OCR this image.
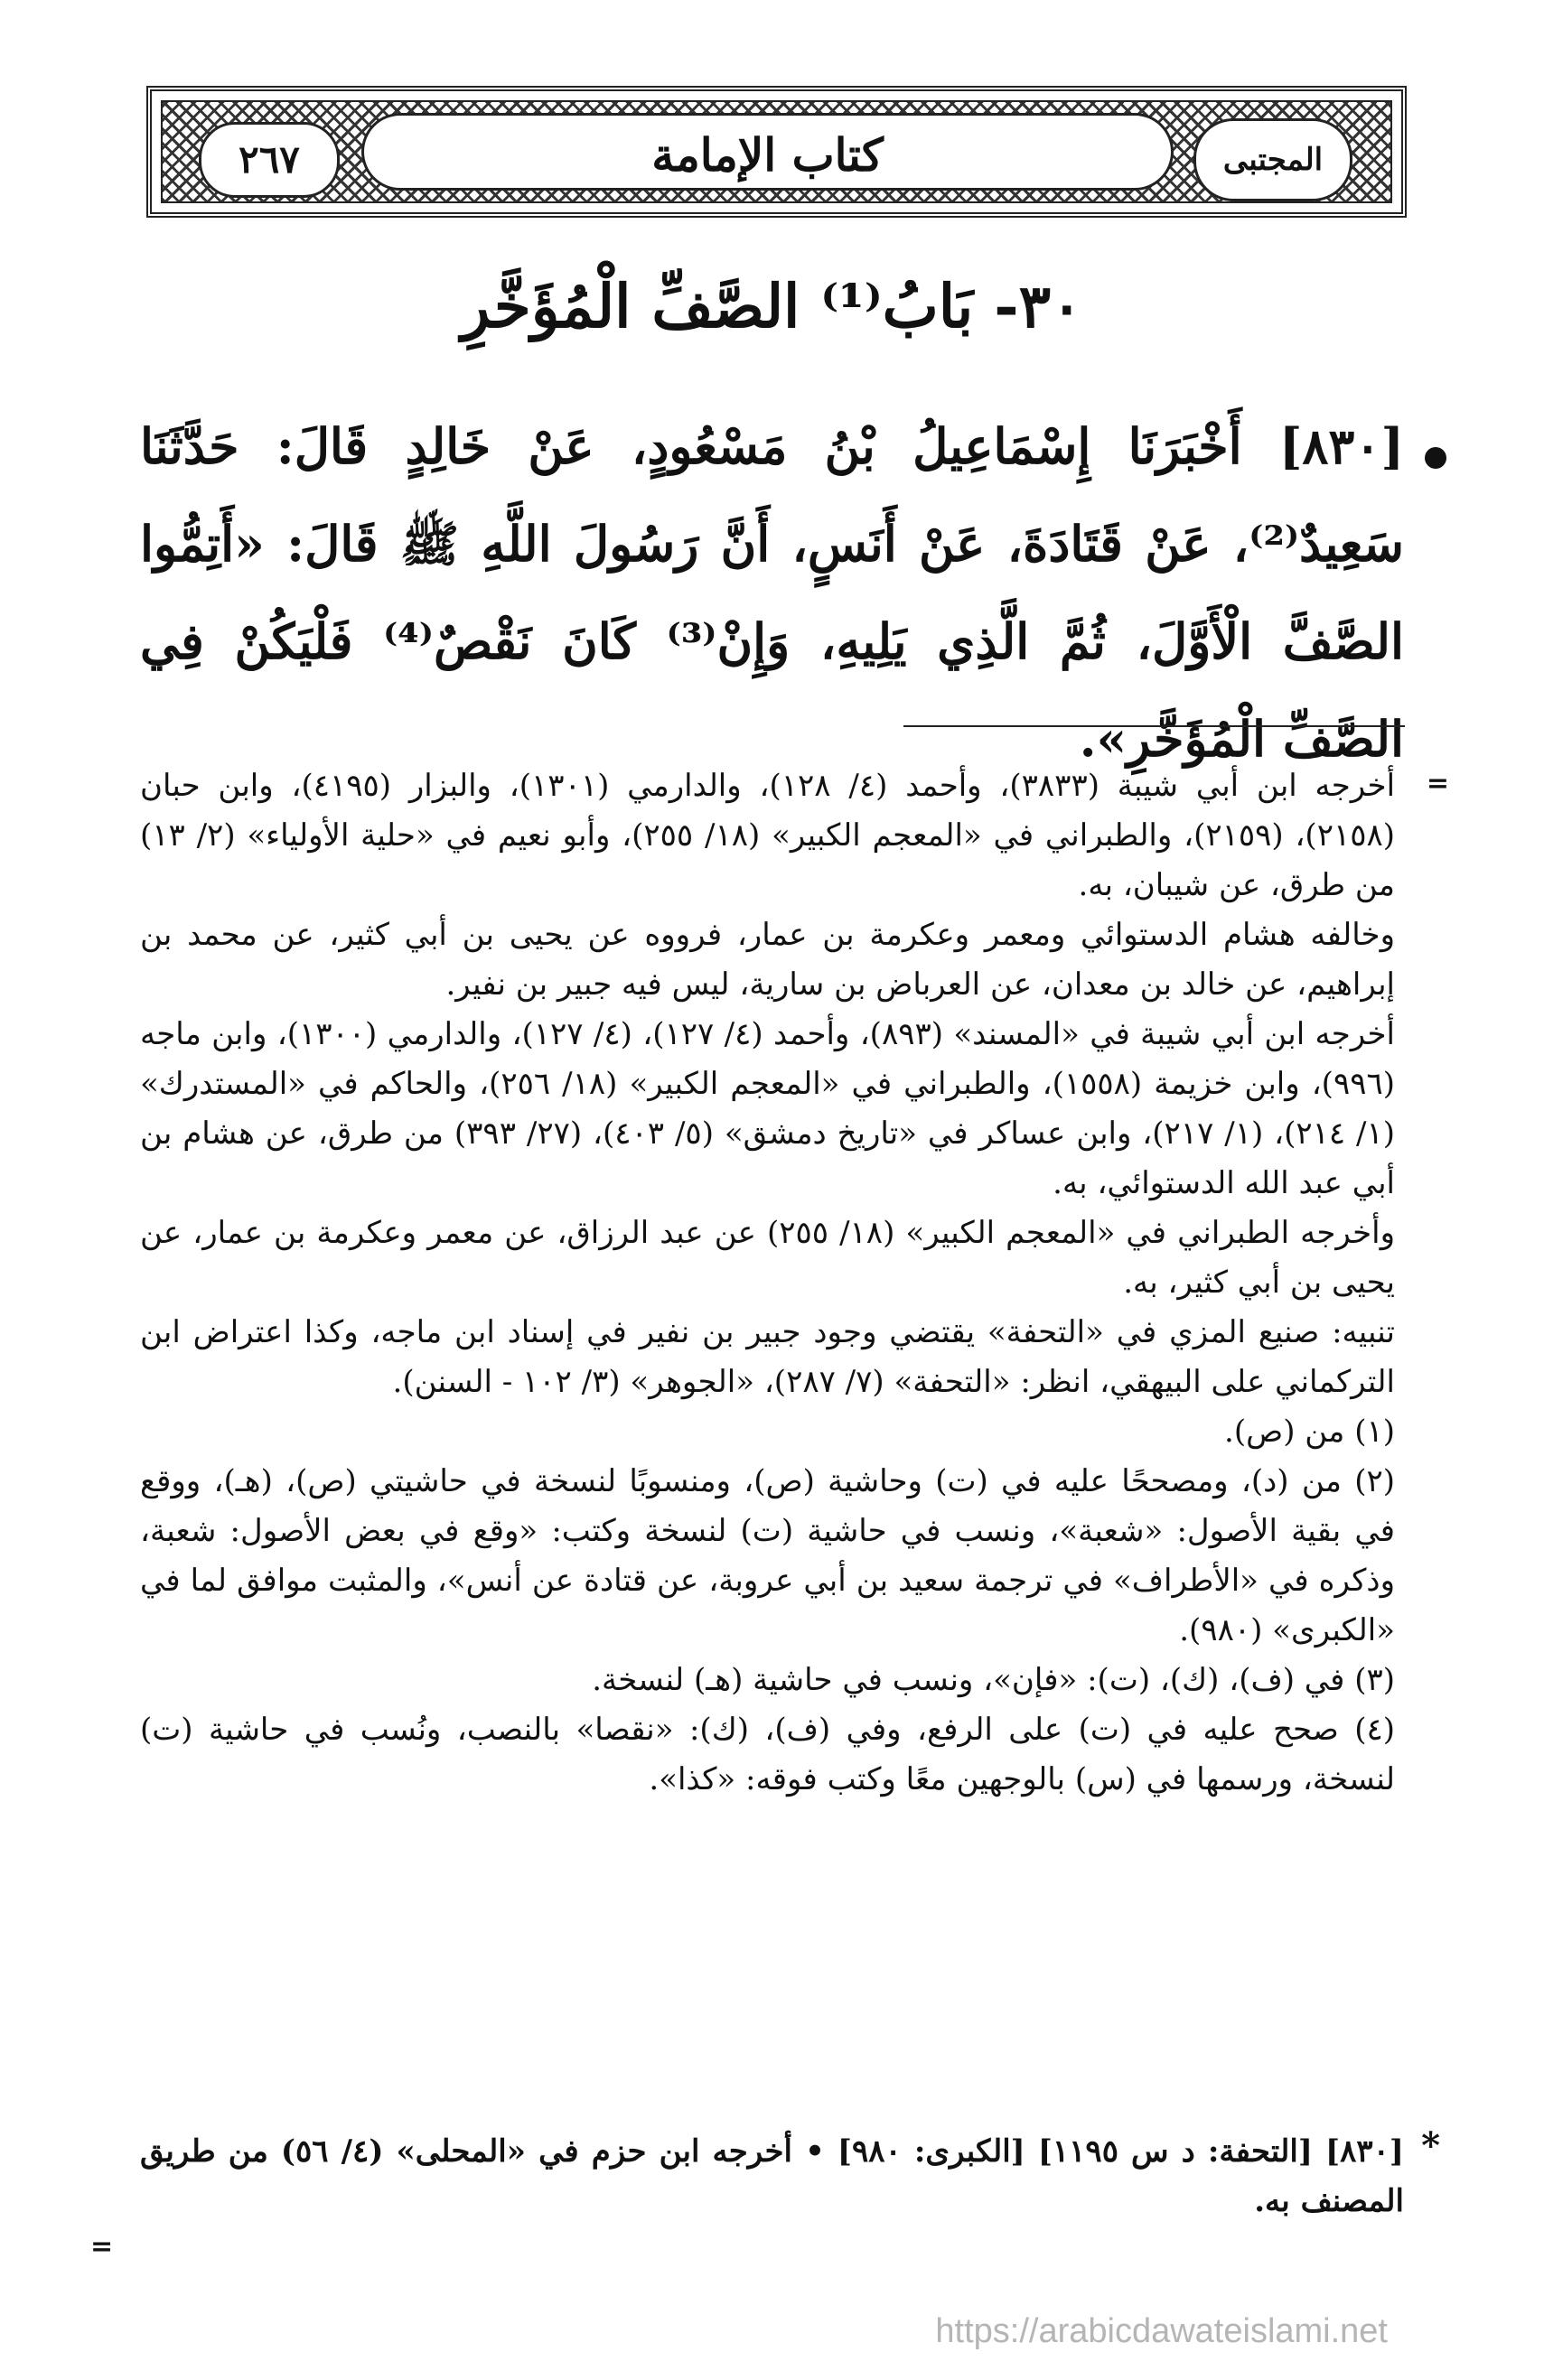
كتاب الإمامة
٢٦٧	المجتبى
٣٠- بَابُ⁽¹⁾ الصَّفِّ الْمُؤَخَّرِ
[٨٣٠] أَخْبَرَنَا إِسْمَاعِيلُ بْنُ مَسْعُودٍ، عَنْ خَالِدٍ قَالَ: حَدَّثَنَا سَعِيدٌ⁽²⁾، عَنْ قَتَادَةَ، عَنْ أَنَسٍ، أَنَّ رَسُولَ اللَّهِ ﷺ قَالَ: «أَتِمُّوا الصَّفَّ الْأَوَّلَ، ثُمَّ الَّذِي يَلِيهِ، وَإِنْ⁽³⁾ كَانَ نَقْصٌ⁽⁴⁾ فَلْيَكُنْ فِي الصَّفِّ الْمُؤَخَّرِ».
=

أخرجه ابن أبي شيبة (٣٨٣٣)، وأحمد (٤/ ١٢٨)، والدارمي (١٣٠١)، والبزار (٤١٩٥)، وابن حبان (٢١٥٨)، (٢١٥٩)، والطبراني في «المعجم الكبير» (١٨/ ٢٥٥)، وأبو نعيم في «حلية الأولياء» (٢/ ١٣) من طرق، عن شيبان، به.

وخالفه هشام الدستوائي ومعمر وعكرمة بن عمار، فرووه عن يحيى بن أبي كثير، عن محمد بن إبراهيم، عن خالد بن معدان، عن العرباض بن سارية، ليس فيه جبير بن نفير.

أخرجه ابن أبي شيبة في «المسند» (٨٩٣)، وأحمد (٤/ ١٢٧)، (٤/ ١٢٧)، والدارمي (١٣٠٠)، وابن ماجه (٩٩٦)، وابن خزيمة (١٥٥٨)، والطبراني في «المعجم الكبير» (١٨/ ٢٥٦)، والحاكم في «المستدرك» (١/ ٢١٤)، (١/ ٢١٧)، وابن عساكر في «تاريخ دمشق» (٥/ ٤٠٣)، (٢٧/ ٣٩٣) من طرق، عن هشام بن أبي عبد الله الدستوائي، به.

وأخرجه الطبراني في «المعجم الكبير» (١٨/ ٢٥٥) عن عبد الرزاق، عن معمر وعكرمة بن عمار، عن يحيى بن أبي كثير، به.

تنبيه: صنيع المزي في «التحفة» يقتضي وجود جبير بن نفير في إسناد ابن ماجه، وكذا اعتراض ابن التركماني على البيهقي، انظر: «التحفة» (٧/ ٢٨٧)، «الجوهر» (٣/ ١٠٢ - السنن).

(١) من (ص).

(٢) من (د)، ومصححًا عليه في (ت) وحاشية (ص)، ومنسوبًا لنسخة في حاشيتي (ص)، (هـ)، ووقع في بقية الأصول: «شعبة»، ونسب في حاشية (ت) لنسخة وكتب: «وقع في بعض الأصول: شعبة، وذكره في «الأطراف» في ترجمة سعيد بن أبي عروبة، عن قتادة عن أنس»، والمثبت موافق لما في «الكبرى» (٩٨٠).

(٣) في (ف)، (ك)، (ت): «فإن»، ونسب في حاشية (هـ) لنسخة.

(٤) صحح عليه في (ت) على الرفع، وفي (ف)، (ك): «نقصا» بالنصب، ونُسب في حاشية (ت) لنسخة، ورسمها في (س) بالوجهين معًا وكتب فوقه: «كذا».

*
[٨٣٠] [التحفة: د س ١١٩٥] [الكبرى: ٩٨٠] • أخرجه ابن حزم في «المحلى» (٤/ ٥٦) من طريق المصنف به.
=
https://arabicdawateislami.net
